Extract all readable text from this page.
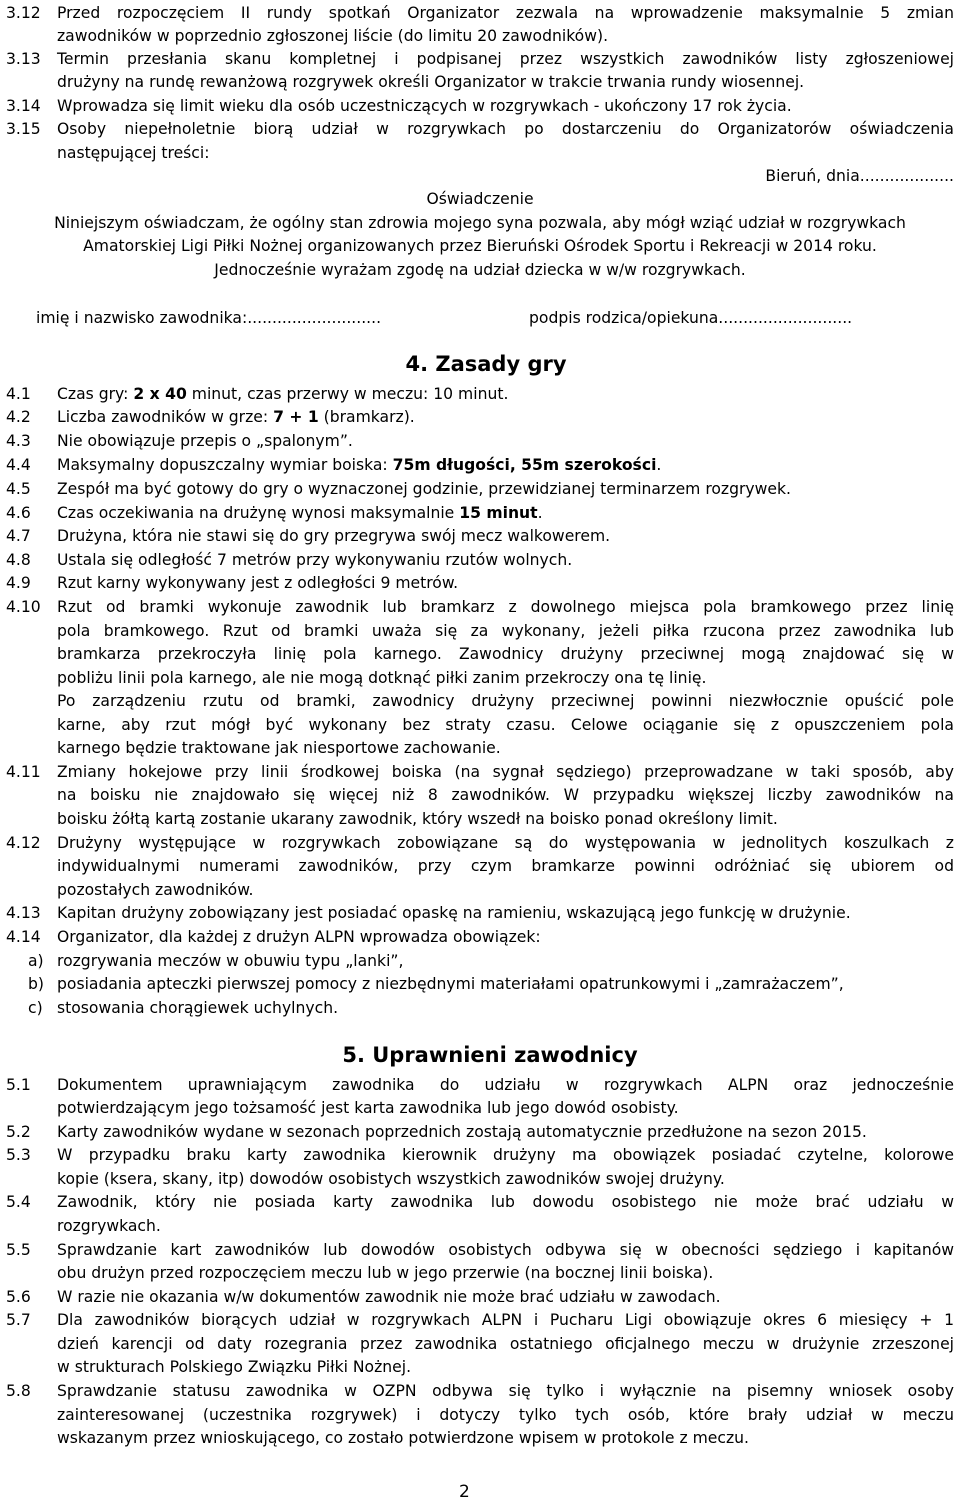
3.12 Przed rozpoczęciem II rundy spotkań Organizator zezwala na wprowadzenie maksymalnie 5 zmian
zawodników w poprzednio zgłoszonej liście (do limitu 20 zawodników).
3.13 Termin przesłania skanu kompletnej i podpisanej przez wszystkich zawodników listy zgłoszeniowej
drużyny na rundę rewanżową rozgrywek określi Organizator w trakcie trwania rundy wiosennej.
3.14 Wprowadza się limit wieku dla osób uczestniczących w rozgrywkach - ukończony 17 rok życia.
3.15 Osoby niepełnoletnie biorą udział w rozgrywkach po dostarczeniu do Organizatorów oświadczenia
następującej treści:
Bieruń, dnia...................
Oświadczenie
Niniejszym oświadczam, że ogólny stan zdrowia mojego syna pozwala, aby mógł wziąć udział w rozgrywkach
Amatorskiej Ligi Piłki Nożnej organizowanych przez Bieruński Ośrodek Sportu i Rekreacji w 2014 roku.
Jednocześnie wyrażam zgodę na udział dziecka w w/w rozgrywkach.
imię i nazwisko zawodnika:...........................	podpis rodzica/opiekuna...........................
4. Zasady gry
4.1 Czas gry: 2 x 40 minut, czas przerwy w meczu: 10 minut.
4.2 Liczba zawodników w grze: 7 + 1 (bramkarz).
4.3 Nie obowiązuje przepis o „spalonym”.
4.4 Maksymalny dopuszczalny wymiar boiska: 75m długości, 55m szerokości.
4.5 Zespół ma być gotowy do gry o wyznaczonej godzinie, przewidzianej terminarzem rozgrywek.
4.6 Czas oczekiwania na drużynę wynosi maksymalnie 15 minut.
4.7 Drużyna, która nie stawi się do gry przegrywa swój mecz walkowerem.
4.8 Ustala się odległość 7 metrów przy wykonywaniu rzutów wolnych.
4.9 Rzut karny wykonywany jest z odległości 9 metrów.
4.10 Rzut od bramki wykonuje zawodnik lub bramkarz z dowolnego miejsca pola bramkowego przez linię
pola bramkowego. Rzut od bramki uważa się za wykonany, jeżeli piłka rzucona przez zawodnika lub
bramkarza przekroczyła linię pola karnego. Zawodnicy drużyny przeciwnej mogą znajdować się w
pobliżu linii pola karnego, ale nie mogą dotknąć piłki zanim przekroczy ona tę linię.
Po zarządzeniu rzutu od bramki, zawodnicy drużyny przeciwnej powinni niezwłocznie opuścić pole
karne, aby rzut mógł być wykonany bez straty czasu. Celowe ociąganie się z opuszczeniem pola
karnego będzie traktowane jak niesportowe zachowanie.
4.11 Zmiany hokejowe przy linii środkowej boiska (na sygnał sędziego) przeprowadzane w taki sposób, aby
na boisku nie znajdowało się więcej niż 8 zawodników. W przypadku większej liczby zawodników na
boisku żółtą kartą zostanie ukarany zawodnik, który wszedł na boisko ponad określony limit.
4.12 Drużyny występujące w rozgrywkach zobowiązane są do występowania w jednolitych koszulkach z
indywidualnymi numerami zawodników, przy czym bramkarze powinni odróżniać się ubiorem od
pozostałych zawodników.
4.13 Kapitan drużyny zobowiązany jest posiadać opaskę na ramieniu, wskazującą jego funkcję w drużynie.
4.14 Organizator, dla każdej z drużyn ALPN wprowadza obowiązek:
a) rozgrywania meczów w obuwiu typu „lanki”,
b) posiadania apteczki pierwszej pomocy z niezbędnymi materiałami opatrunkowymi i „zamrażaczem”,
c) stosowania chorągiewek uchylnych.
5. Uprawnieni zawodnicy
5.1 Dokumentem uprawniającym zawodnika do udziału w rozgrywkach ALPN oraz jednocześnie
potwierdzającym jego tożsamość jest karta zawodnika lub jego dowód osobisty.
5.2 Karty zawodników wydane w sezonach poprzednich zostają automatycznie przedłużone na sezon 2015.
5.3 W przypadku braku karty zawodnika kierownik drużyny ma obowiązek posiadać czytelne, kolorowe
kopie (ksera, skany, itp) dowodów osobistych wszystkich zawodników swojej drużyny.
5.4 Zawodnik, który nie posiada karty zawodnika lub dowodu osobistego nie może brać udziału w
rozgrywkach.
5.5 Sprawdzanie kart zawodników lub dowodów osobistych odbywa się w obecności sędziego i kapitanów
obu drużyn przed rozpoczęciem meczu lub w jego przerwie (na bocznej linii boiska).
5.6 W razie nie okazania w/w dokumentów zawodnik nie może brać udziału w zawodach.
5.7 Dla zawodników biorących udział w rozgrywkach ALPN i Pucharu Ligi obowiązuje okres 6 miesięcy + 1
dzień karencji od daty rozegrania przez zawodnika ostatniego oficjalnego meczu w drużynie zrzeszonej
w strukturach Polskiego Związku Piłki Nożnej.
5.8 Sprawdzanie statusu zawodnika w OZPN odbywa się tylko i wyłącznie na pisemny wniosek osoby
zainteresowanej (uczestnika rozgrywek) i dotyczy tylko tych osób, które brały udział w meczu
wskazanym przez wnioskującego, co zostało potwierdzone wpisem w protokole z meczu.
2
